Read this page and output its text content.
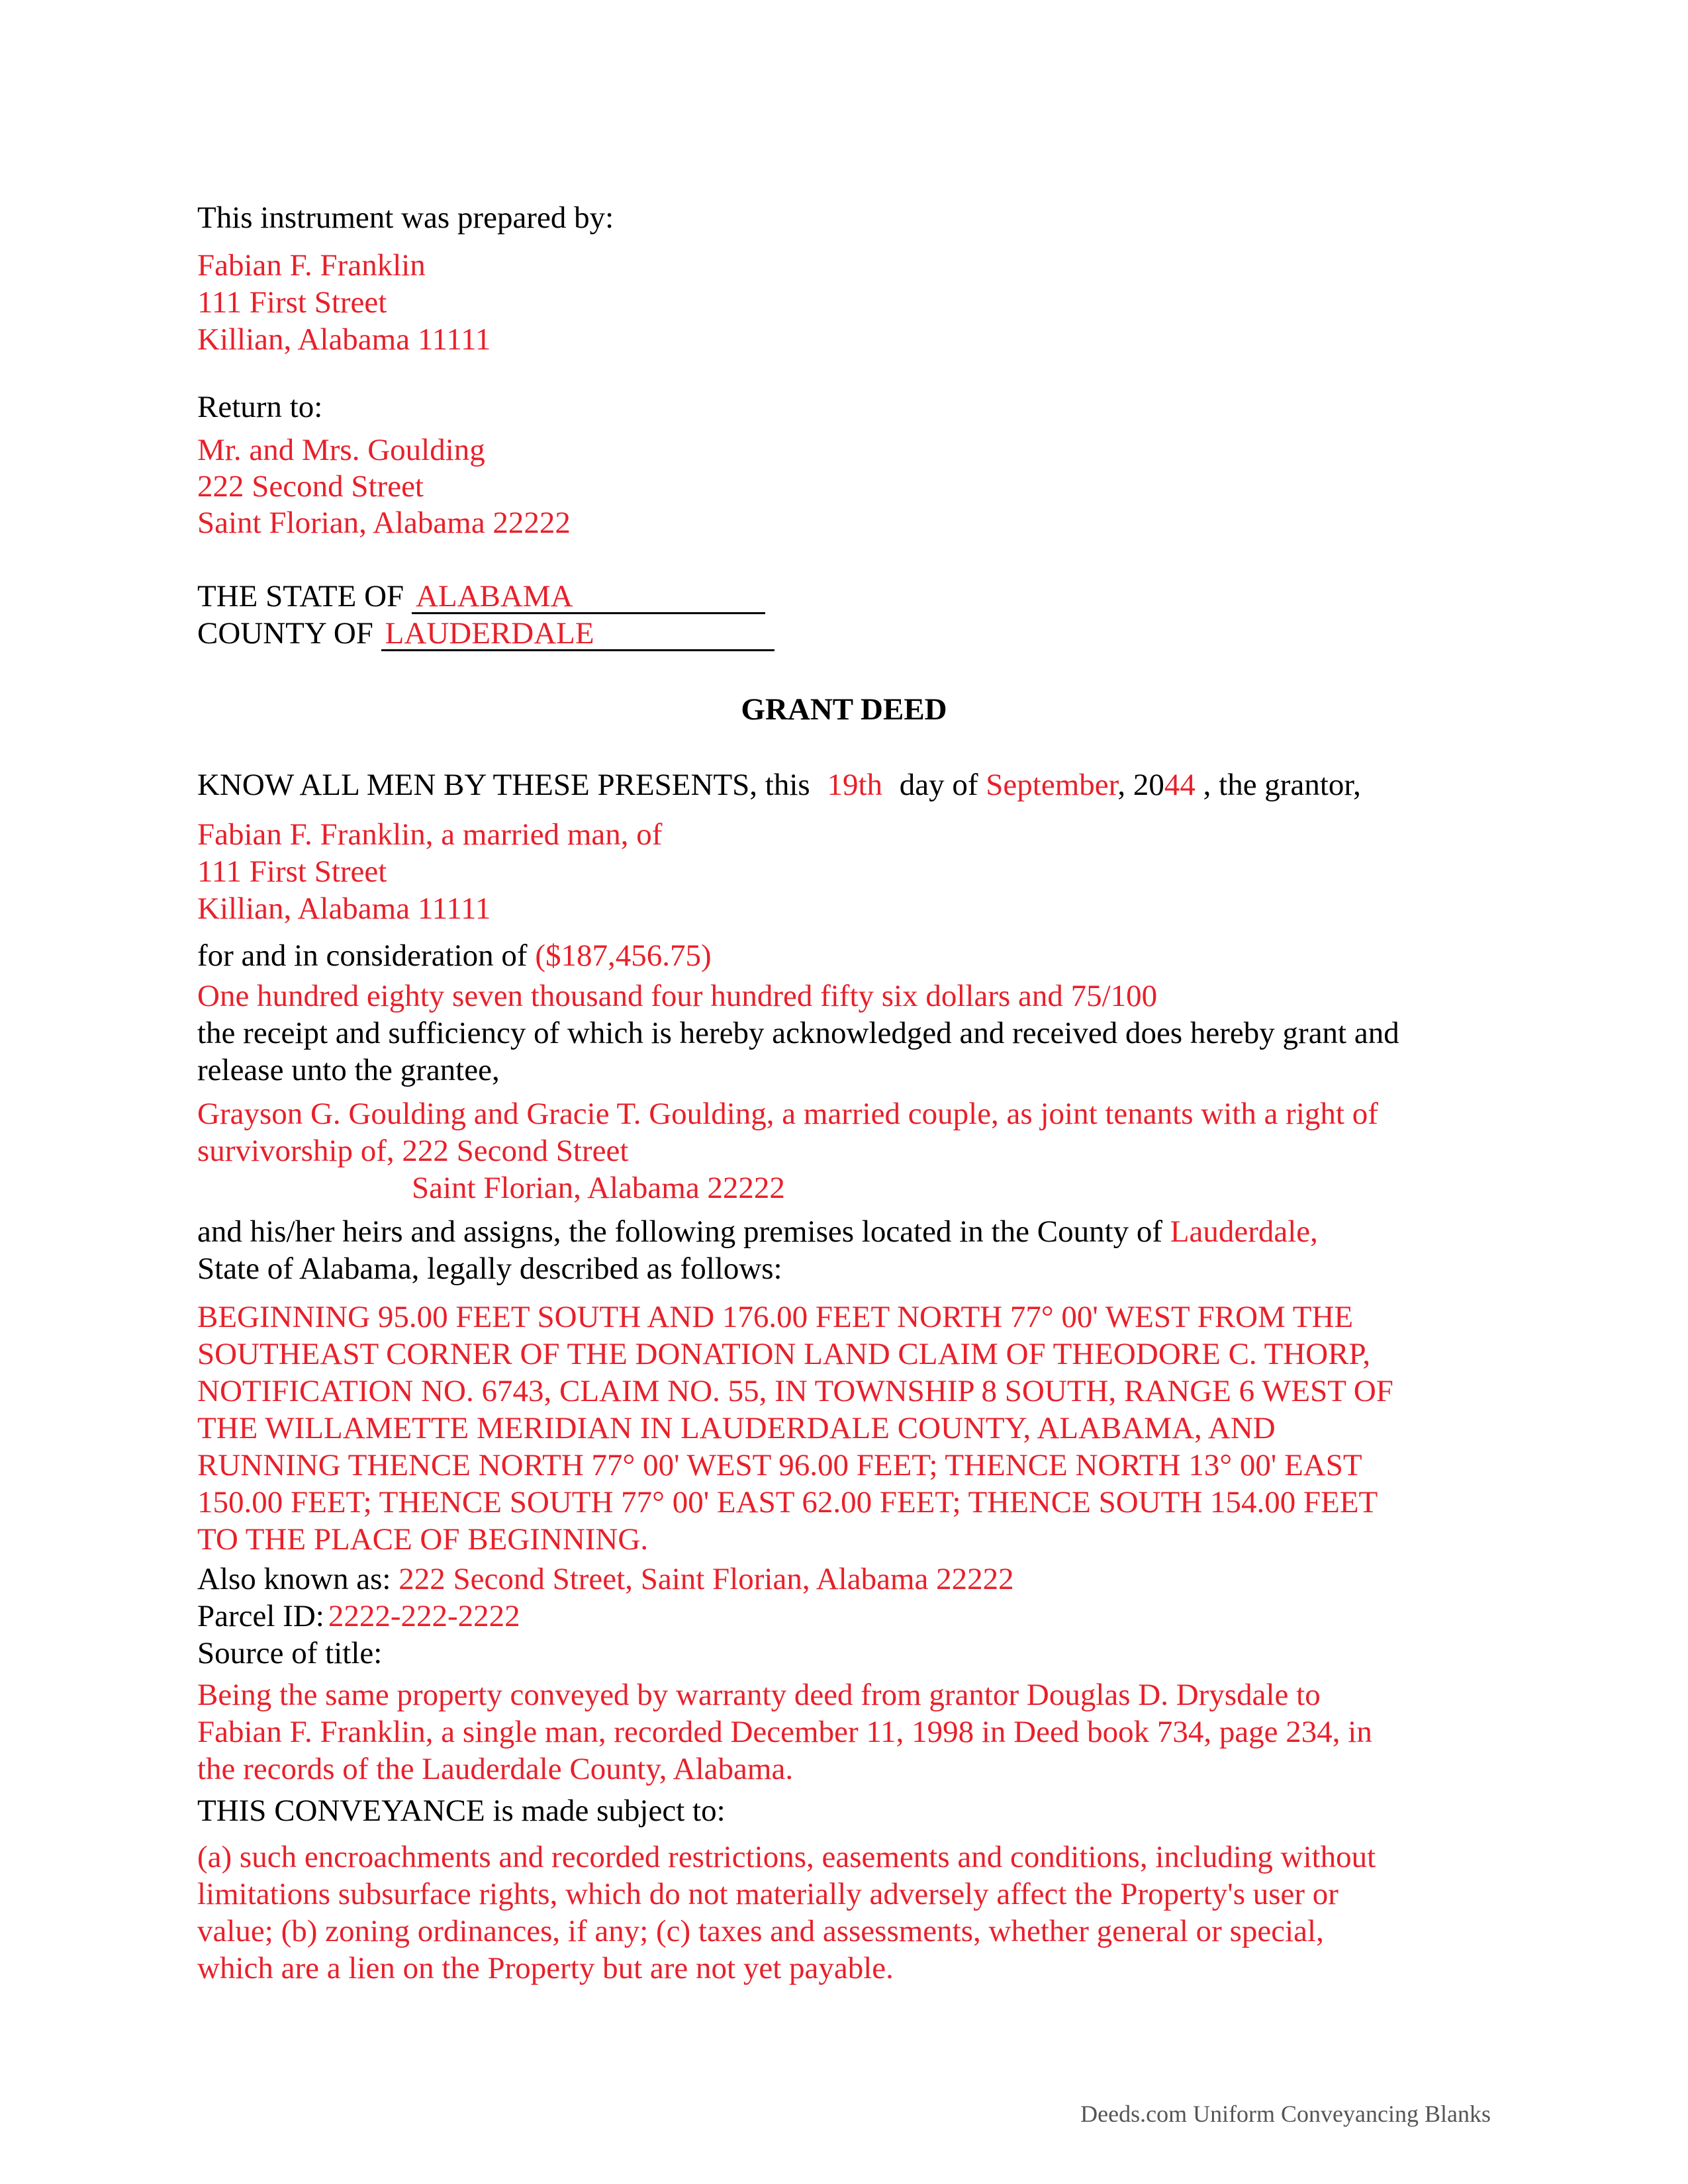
This instrument was prepared by:
Fabian F. Franklin
111 First Street
Killian, Alabama 11111
Return to:
Mr. and Mrs. Goulding
222 Second Street
Saint Florian, Alabama 22222
THE STATE OF ALABAMA
COUNTY OF LAUDERDALE
GRANT DEED
KNOW ALL MEN BY THESE PRESENTS, this 19th day of September, 2044 , the grantor,
Fabian F. Franklin, a married man, of
111 First Street
Killian, Alabama 11111
for and in consideration of ($187,456.75)
One hundred eighty seven thousand four hundred fifty six dollars and 75/100
the receipt and sufficiency of which is hereby acknowledged and received does hereby grant and
release unto the grantee,
Grayson G. Goulding and Gracie T. Goulding, a married couple, as joint tenants with a right of
survivorship of, 222 Second Street
Saint Florian, Alabama 22222
and his/her heirs and assigns, the following premises located in the County of Lauderdale,
State of Alabama, legally described as follows:
BEGINNING 95.00 FEET SOUTH AND 176.00 FEET NORTH 77° 00' WEST FROM THE
SOUTHEAST CORNER OF THE DONATION LAND CLAIM OF THEODORE C. THORP,
NOTIFICATION NO. 6743, CLAIM NO. 55, IN TOWNSHIP 8 SOUTH, RANGE 6 WEST OF
THE WILLAMETTE MERIDIAN IN LAUDERDALE COUNTY, ALABAMA, AND
RUNNING THENCE NORTH 77° 00' WEST 96.00 FEET; THENCE NORTH 13° 00' EAST
150.00 FEET; THENCE SOUTH 77° 00' EAST 62.00 FEET; THENCE SOUTH 154.00 FEET
TO THE PLACE OF BEGINNING.
Also known as: 222 Second Street, Saint Florian, Alabama 22222
Parcel ID: 2222-222-2222
Source of title:
Being the same property conveyed by warranty deed from grantor Douglas D. Drysdale to
Fabian F. Franklin, a single man, recorded December 11, 1998 in Deed book 734, page 234, in
the records of the Lauderdale County, Alabama.
THIS CONVEYANCE is made subject to:
(a) such encroachments and recorded restrictions, easements and conditions, including without
limitations subsurface rights, which do not materially adversely affect the Property's user or
value; (b) zoning ordinances, if any; (c) taxes and assessments, whether general or special,
which are a lien on the Property but are not yet payable.
Deeds.com Uniform Conveyancing Blanks
